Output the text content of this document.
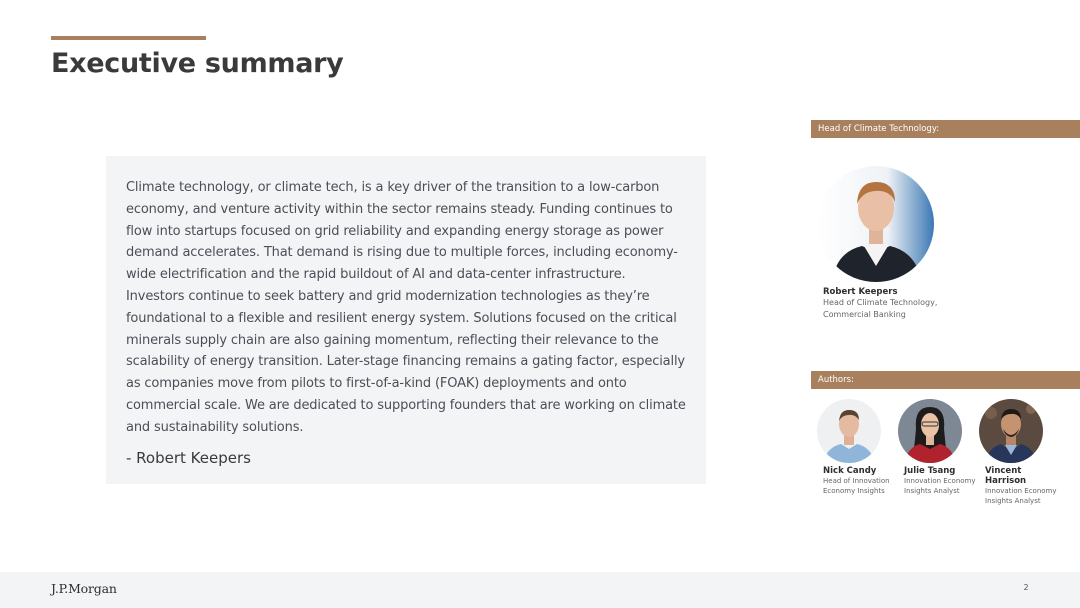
Executive summary

Climate technology, or climate tech, is a key driver of the transition to a low-carbon economy, and venture activity within the sector remains steady. Funding continues to flow into startups focused on grid reliability and expanding energy storage as power demand accelerates. That demand is rising due to multiple forces, including economy-wide electrification and the rapid buildout of AI and data-center infrastructure. Investors continue to seek battery and grid modernization technologies as they’re foundational to a flexible and resilient energy system. Solutions focused on the critical minerals supply chain are also gaining momentum, reflecting their relevance to the scalability of energy transition. Later-stage financing remains a gating factor, especially as companies move from pilots to first-of-a-kind (FOAK) deployments and onto commercial scale. We are dedicated to supporting founders that are working on climate and sustainability solutions.

- Robert Keepers
Head of Climate Technology:
Robert Keepers
Head of Climate Technology,
Commercial Banking
Authors:
Nick Candy
Head of Innovation
Economy Insights
Julie Tsang
Innovation Economy
Insights Analyst
Vincent Harrison
Innovation Economy
Insights Analyst
J.P.Morgan	2
